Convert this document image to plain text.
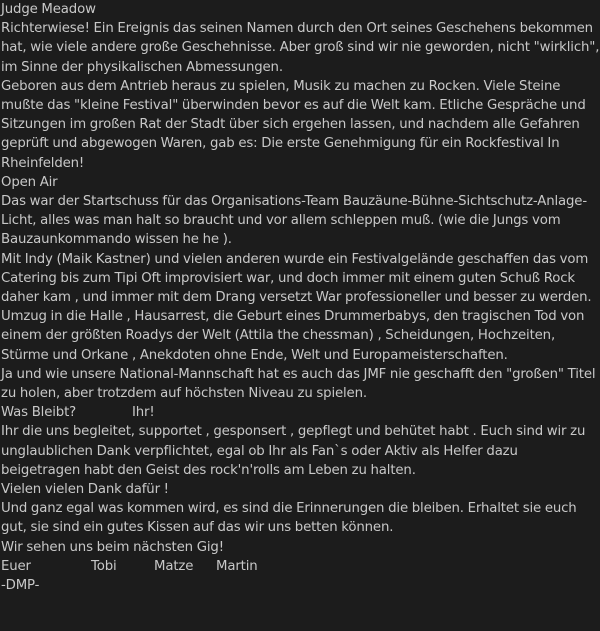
Judge Meadow
Richterwiese! Ein Ereignis das seinen Namen durch den Ort seines Geschehens bekommen hat, wie viele andere große Geschehnisse. Aber groß sind wir nie geworden, nicht "wirklich", im Sinne der physikalischen Abmessungen.
Geboren aus dem Antrieb heraus zu spielen, Musik zu machen zu Rocken. Viele Steine mußte das "kleine Festival" überwinden bevor es auf die Welt kam. Etliche Gespräche und Sitzungen im großen Rat der Stadt über sich ergehen lassen, und nachdem alle Gefahren geprüft und abgewogen Waren, gab es: Die erste Genehmigung für ein Rockfestival In Rheinfelden!
Open Air
Das war der Startschuss für das Organisations-Team Bauzäune-Bühne-Sichtschutz-Anlage-Licht, alles was man halt so braucht und vor allem schleppen muß. (wie die Jungs vom Bauzaunkommando wissen he he ).
Mit Indy (Maik Kastner) und vielen anderen wurde ein Festivalgelände geschaffen das vom Catering bis zum Tipi Oft improvisiert war, und doch immer mit einem guten Schuß Rock daher kam , und immer mit dem Drang versetzt War professioneller und besser zu werden.
Umzug in die Halle , Hausarrest, die Geburt eines Drummerbabys, den tragischen Tod von einem der größten Roadys der Welt (Attila the chessman) , Scheidungen, Hochzeiten, Stürme und Orkane , Anekdoten ohne Ende, Welt und Europameisterschaften.
Ja und wie unsere National-Mannschaft hat es auch das JMF nie geschafft den "großen" Titel zu holen, aber trotzdem auf höchsten Niveau zu spielen.
Was Bleibt?	Ihr!
Ihr die uns begleitet, supportet , gesponsert , gepflegt und behütet habt . Euch sind wir zu unglaublichen Dank verpflichtet, egal ob Ihr als Fan`s oder Aktiv als Helfer dazu beigetragen habt den Geist des rock'n'rolls am Leben zu halten.
Vielen vielen Dank dafür !
Und ganz egal was kommen wird, es sind die Erinnerungen die bleiben. Erhaltet sie euch gut, sie sind ein gutes Kissen auf das wir uns betten können.
Wir sehen uns beim nächsten Gig!
Euer	Tobi	Matze Martin
-DMP-
